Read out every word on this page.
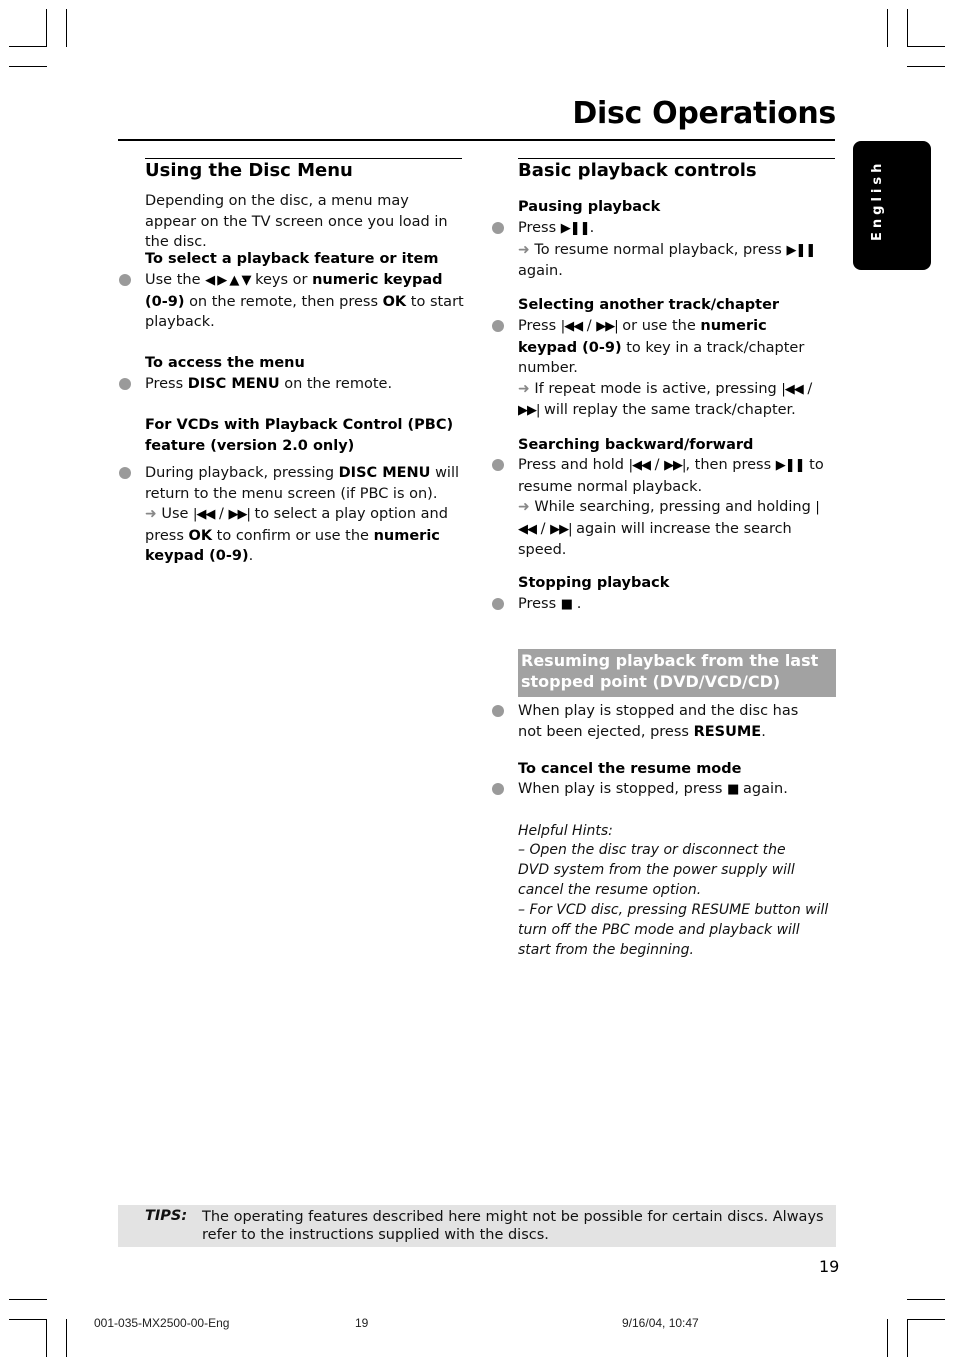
Disc Operations
English
Using the Disc Menu
Depending on the disc, a menu may appear on the TV screen once you load in the disc.
To select a playback feature or item
Use the ◀ ▶ ▲ ▼ keys or numeric keypad (0-9) on the remote, then press OK to start playback.
To access the menu
Press DISC MENU on the remote.
For VCDs with Playback Control (PBC) feature (version 2.0 only)
During playback, pressing DISC MENU will return to the menu screen (if PBC is on).
➜ Use |◀◀ / ▶▶| to select a play option and press OK to confirm or use the numeric keypad (0-9).
Basic playback controls
Pausing playback
Press ▶❚❚.
➜ To resume normal playback, press ▶❚❚
again.
Selecting another track/chapter
Press |◀◀ / ▶▶| or use the numeric keypad (0-9) to key in a track/chapter number.
➜ If repeat mode is active, pressing |◀◀ / ▶▶| will replay the same track/chapter.
Searching backward/forward
Press and hold |◀◀ / ▶▶|, then press ▶❚❚ to resume normal playback.
➜ While searching, pressing and holding |◀◀ / ▶▶| again will increase the search speed.
Stopping playback
Press ■ .
Resuming playback from the last stopped point (DVD/VCD/CD)
When play is stopped and the disc has not been ejected, press RESUME.
To cancel the resume mode
When play is stopped, press ■ again.
Helpful Hints:
– Open the disc tray or disconnect the DVD system from the power supply will cancel the resume option.
– For VCD disc, pressing RESUME button will turn off the PBC mode and playback will start from the beginning.
TIPS: The operating features described here might not be possible for certain discs. Always refer to the instructions supplied with the discs.
19
001-035-MX2500-00-Eng	19	9/16/04, 10:47
